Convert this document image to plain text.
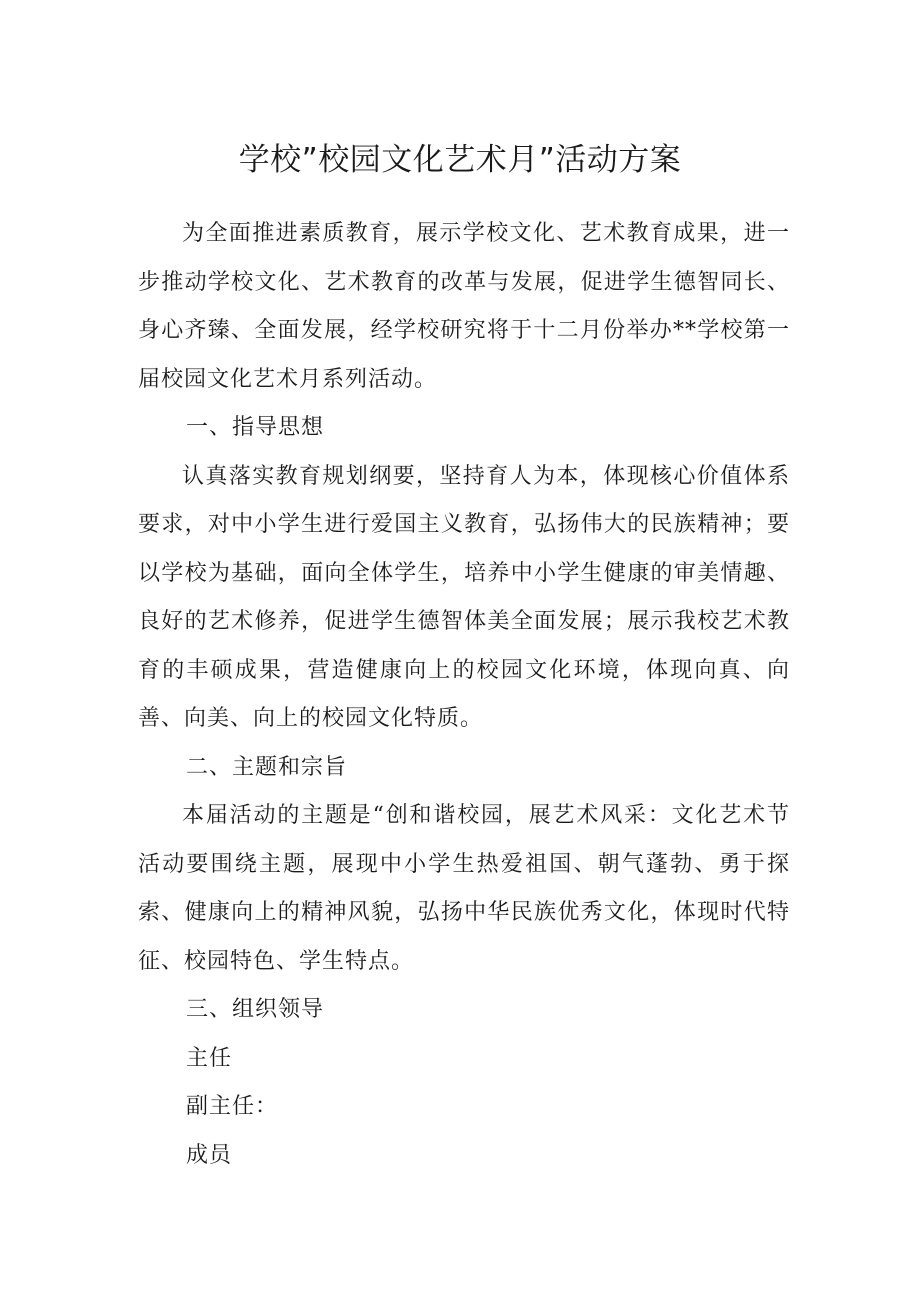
学校”校园文化艺术月”活动方案

为全面推进素质教育，展示学校文化、艺术教育成果，进一步推动学校文化、艺术教育的改革与发展，促进学生德智同长、身心齐臻、全面发展，经学校研究将于十二月份举办**学校第一届校园文化艺术月系列活动。

一、指导思想

认真落实教育规划纲要，坚持育人为本，体现核心价值体系要求，对中小学生进行爱国主义教育，弘扬伟大的民族精神；要以学校为基础，面向全体学生，培养中小学生健康的审美情趣、良好的艺术修养，促进学生德智体美全面发展；展示我校艺术教育的丰硕成果，营造健康向上的校园文化环境，体现向真、向善、向美、向上的校园文化特质。

二、主题和宗旨

本届活动的主题是“创和谐校园，展艺术风采：文化艺术节活动要围绕主题，展现中小学生热爱祖国、朝气蓬勃、勇于探索、健康向上的精神风貌，弘扬中华民族优秀文化，体现时代特征、校园特色、学生特点。

三、组织领导
主任
副主任：
成员
